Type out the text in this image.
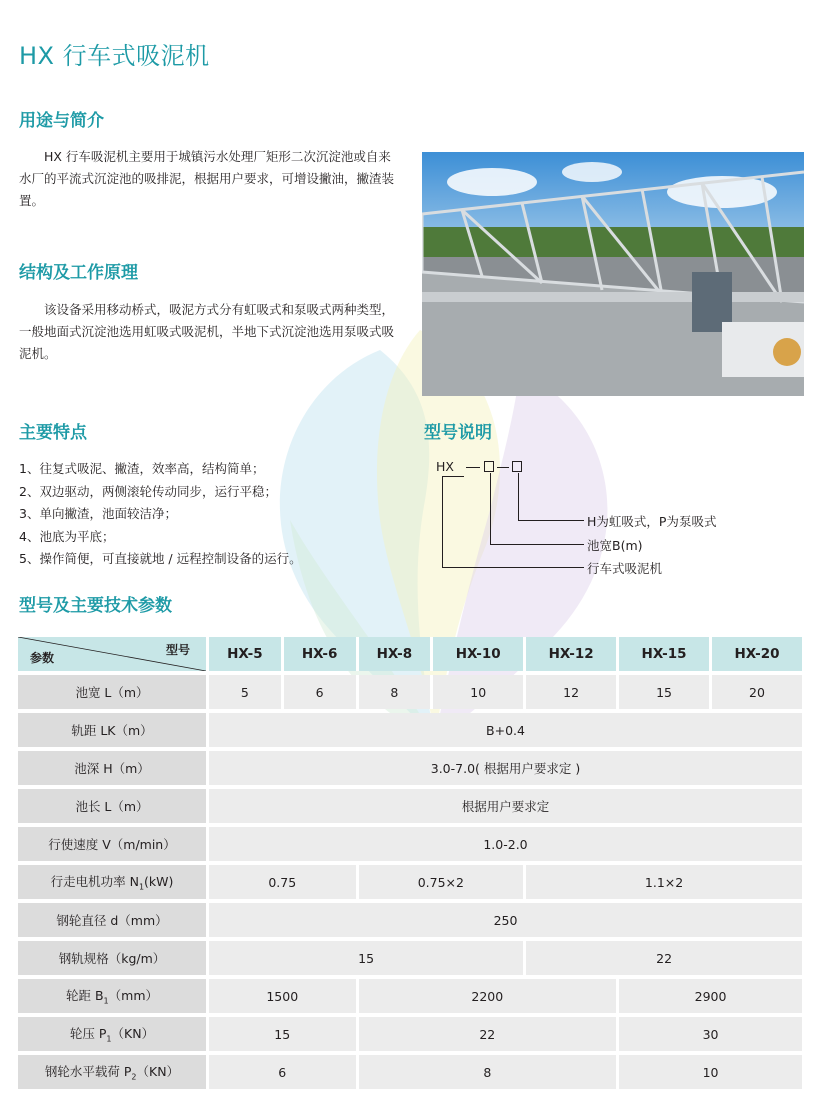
HX 行车式吸泥机
用途与简介
HX 行车吸泥机主要用于城镇污水处理厂矩形二次沉淀池或自来
水厂的平流式沉淀池的吸排泥，根据用户要求，可增设撇油，撇渣装置。
结构及工作原理
该设备采用移动桥式，吸泥方式分有虹吸式和泵吸式两种类型，
一般地面式沉淀池选用虹吸式吸泥机，半地下式沉淀池选用泵吸式吸
泥机。
主要特点
1、往复式吸泥、撇渣，效率高，结构简单；
2、双边驱动，两侧滚轮传动同步，运行平稳；
3、单向撇渣，池面较洁净；
4、池底为平底；
5、操作简便，可直接就地 / 远程控制设备的运行。
型号说明
HX
H为虹吸式，P为泵吸式
池宽B(m)
行车式吸泥机
型号及主要技术参数
型号
参数	HX-5	HX-6	HX-8	HX-10	HX-12	HX-15	HX-20
池宽 L（m）	5	6	8	10	12	15	20
轨距 LK（m）	B+0.4						
池深 H（m）	3.0-7.0( 根据用户要求定 )						
池长 L（m）	根据用户要求定						
行使速度 V（m/min）	1.0-2.0						
行走电机功率 $N_1(kW)$	0.75		0.75×2		1.1×2		
钢轮直径 d（mm）	250						
钢轨规格（kg/m）	15				22		
轮距 $B_1(mm)$	1500		2200			2900	
轮压 $P_1(KN)$	15		22			30	
钢轮水平载荷 $P_2(KN)$	6		8			10	
